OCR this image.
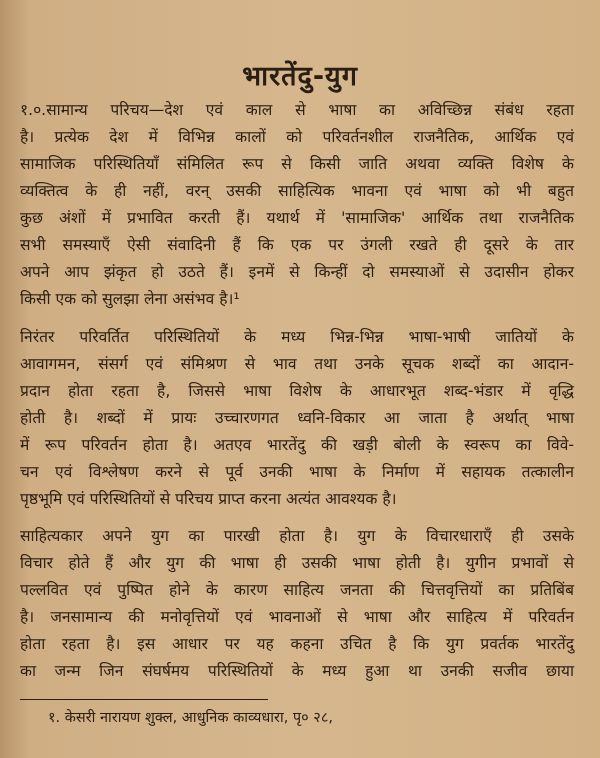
भारतेंदु-युग
१.०.सामान्य परिचय—देश एवं काल से भाषा का अविच्छिन्न संबंध रहता
है। प्रत्येक देश में विभिन्न कालों को परिवर्तनशील राजनैतिक, आर्थिक एवं
सामाजिक परिस्थितियाँ संमिलित रूप से किसी जाति अथवा व्यक्ति विशेष के
व्यक्तित्व के ही नहीं, वरन् उसकी साहित्यिक भावना एवं भाषा को भी बहुत
कुछ अंशों में प्रभावित करती हैं। यथार्थ में 'सामाजिक' आर्थिक तथा राजनैतिक
सभी समस्याएँ ऐसी संवादिनी हैं कि एक पर उंगली रखते ही दूसरे के तार
अपने आप झंकृत हो उठते हैं। इनमें से किन्हीं दो समस्याओं से उदासीन होकर
किसी एक को सुलझा लेना असंभव है।¹
निरंतर परिवर्तित परिस्थितियों के मध्य भिन्न-भिन्न भाषा-भाषी जातियों के
आवागमन, संसर्ग एवं संमिश्रण से भाव तथा उनके सूचक शब्दों का आदान-
प्रदान होता रहता है, जिससे भाषा विशेष के आधारभूत शब्द-भंडार में वृद्धि
होती है। शब्दों में प्रायः उच्चारणगत ध्वनि-विकार आ जाता है अर्थात् भाषा
में रूप परिवर्तन होता है। अतएव भारतेंदु की खड़ी बोली के स्वरूप का विवे-
चन एवं विश्लेषण करने से पूर्व उनकी भाषा के निर्माण में सहायक तत्कालीन
पृष्ठभूमि एवं परिस्थितियों से परिचय प्राप्त करना अत्यंत आवश्यक है।
साहित्यकार अपने युग का पारखी होता है। युग के विचारधाराएँ ही उसके
विचार होते हैं और युग की भाषा ही उसकी भाषा होती है। युगीन प्रभावों से
पल्लवित एवं पुष्पित होने के कारण साहित्य जनता की चित्तवृत्तियों का प्रतिबिंब
है। जनसामान्य की मनोवृत्तियों एवं भावनाओं से भाषा और साहित्य में परिवर्तन
होता रहता है। इस आधार पर यह कहना उचित है कि युग प्रवर्तक भारतेंदु
का जन्म जिन संघर्षमय परिस्थितियों के मध्य हुआ था उनकी सजीव छाया
१. केसरी नारायण शुक्ल, आधुनिक काव्यधारा, पृ० २८,
